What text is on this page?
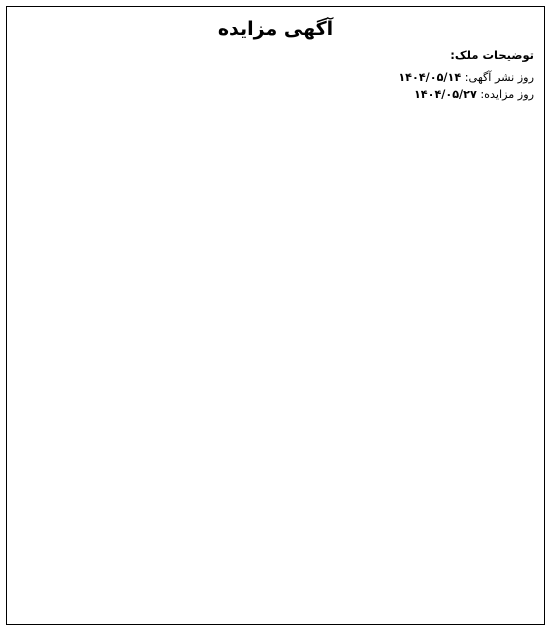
آگهی مزایده

توضیحات ملک:

روز نشر آگهی: ۱۴۰۴/۰۵/۱۴
روز مزایده: ۱۴۰۴/۰۵/۲۷
